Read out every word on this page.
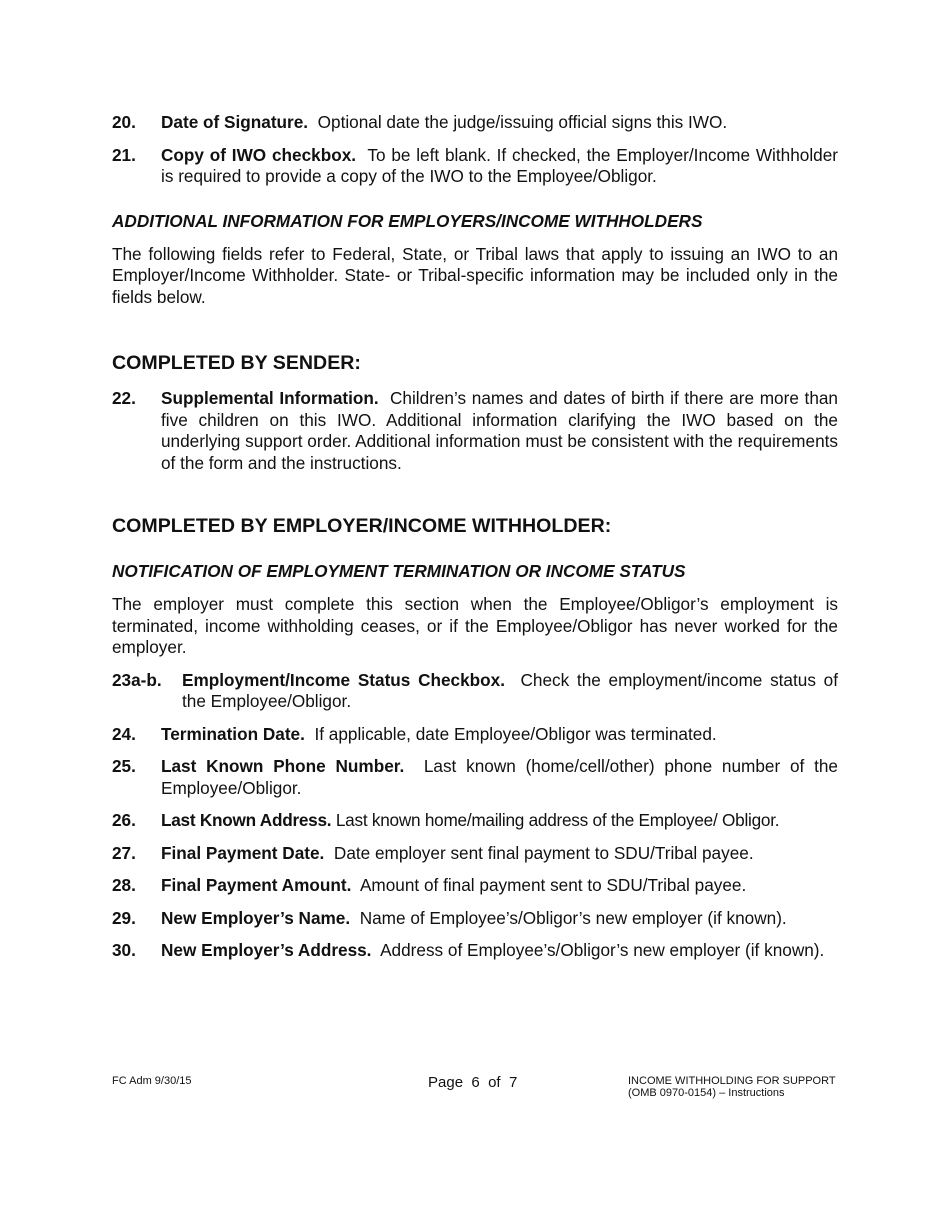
20.	Date of Signature. Optional date the judge/issuing official signs this IWO.
21.	Copy of IWO checkbox. To be left blank. If checked, the Employer/Income Withholder is required to provide a copy of the IWO to the Employee/Obligor.
ADDITIONAL INFORMATION FOR EMPLOYERS/INCOME WITHHOLDERS
The following fields refer to Federal, State, or Tribal laws that apply to issuing an IWO to an Employer/Income Withholder. State- or Tribal-specific information may be included only in the fields below.
COMPLETED BY SENDER:
22.	Supplemental Information. Children’s names and dates of birth if there are more than five children on this IWO. Additional information clarifying the IWO based on the underlying support order. Additional information must be consistent with the requirements of the form and the instructions.
COMPLETED BY EMPLOYER/INCOME WITHHOLDER:
NOTIFICATION OF EMPLOYMENT TERMINATION OR INCOME STATUS
The employer must complete this section when the Employee/Obligor’s employment is terminated, income withholding ceases, or if the Employee/Obligor has never worked for the employer.
23a-b.	Employment/Income Status Checkbox. Check the employment/income status of the Employee/Obligor.
24.	Termination Date. If applicable, date Employee/Obligor was terminated.
25.	Last Known Phone Number. Last known (home/cell/other) phone number of the Employee/Obligor.
26.	Last Known Address. Last known home/mailing address of the Employee/ Obligor.
27.	Final Payment Date. Date employer sent final payment to SDU/Tribal payee.
28.	Final Payment Amount. Amount of final payment sent to SDU/Tribal payee.
29.	New Employer’s Name. Name of Employee’s/Obligor’s new employer (if known).
30.	New Employer’s Address. Address of Employee’s/Obligor’s new employer (if known).
FC Adm 9/30/15	Page 6 of 7	INCOME WITHHOLDING FOR SUPPORT
(OMB 0970-0154) – Instructions
